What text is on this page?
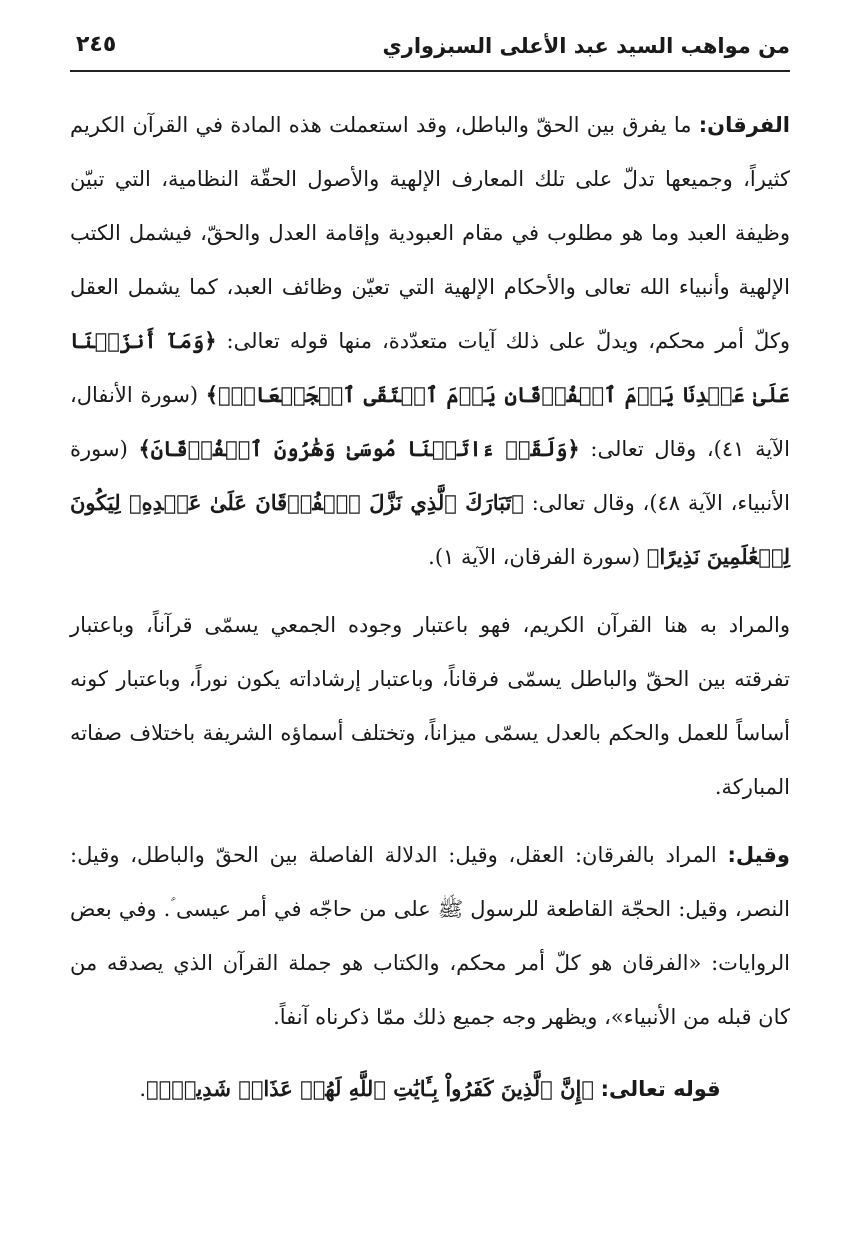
من مواهب السيد عبد الأعلى السبزواري
٢٤٥

الفرقان: ما يفرق بين الحقّ والباطل، وقد استعملت هذه المادة في القرآن الكريم كثيراً، وجميعها تدلّ على تلك المعارف الإلهية والأصول الحقّة النظامية، التي تبيّن وظيفة العبد وما هو مطلوب في مقام العبودية وإقامة العدل والحقّ، فيشمل الكتب الإلهية وأنبياء الله تعالى والأحكام الإلهية التي تعيّن وظائف العبد، كما يشمل العقل وكلّ أمر محكم، ويدلّ على ذلك آيات متعدّدة، منها قوله تعالى: ﴿وَمَآ أَنزَلۡنَا عَلَىٰ عَبۡدِنَا يَوۡمَ ٱلۡفُرۡقَانِ يَوۡمَ ٱلۡتَقَى ٱلۡجَمۡعَانِۗ﴾ (سورة الأنفال، الآية ٤١)، وقال تعالى: ﴿وَلَقَدۡ ءَاتَيۡنَا مُوسَىٰ وَهَٰرُونَ ٱلۡفُرۡقَانَ﴾ (سورة الأنبياء، الآية ٤٨)، وقال تعالى: ﴿تَبَارَكَ ٱلَّذِي نَزَّلَ ٱلۡفُرۡقَانَ عَلَىٰ عَبۡدِهِۦ لِيَكُونَ لِلۡعَٰلَمِينَ نَذِيرًا﴾ (سورة الفرقان، الآية ١).

والمراد به هنا القرآن الكريم، فهو باعتبار وجوده الجمعي يسمّى قرآناً، وباعتبار تفرقته بين الحقّ والباطل يسمّى فرقاناً، وباعتبار إرشاداته يكون نوراً، وباعتبار كونه أساساً للعمل والحكم بالعدل يسمّى ميزاناً، وتختلف أسماؤه الشريفة باختلاف صفاته المباركة.

وقيل: المراد بالفرقان: العقل، وقيل: الدلالة الفاصلة بين الحقّ والباطل، وقيل: النصر، وقيل: الحجّة القاطعة للرسول ﷺ على من حاجّه في أمر عيسى ؑ. وفي بعض الروايات: «الفرقان هو كلّ أمر محكم، والكتاب هو جملة القرآن الذي يصدقه من كان قبله من الأنبياء»، ويظهر وجه جميع ذلك ممّا ذكرناه آنفاً.

قوله تعالى: ﴿إِنَّ ٱلَّذِينَ كَفَرُواْ بِـَٔايَٰتِ ٱللَّهِ لَهُمۡ عَذَابٞ شَدِيدٞۗ﴾.
